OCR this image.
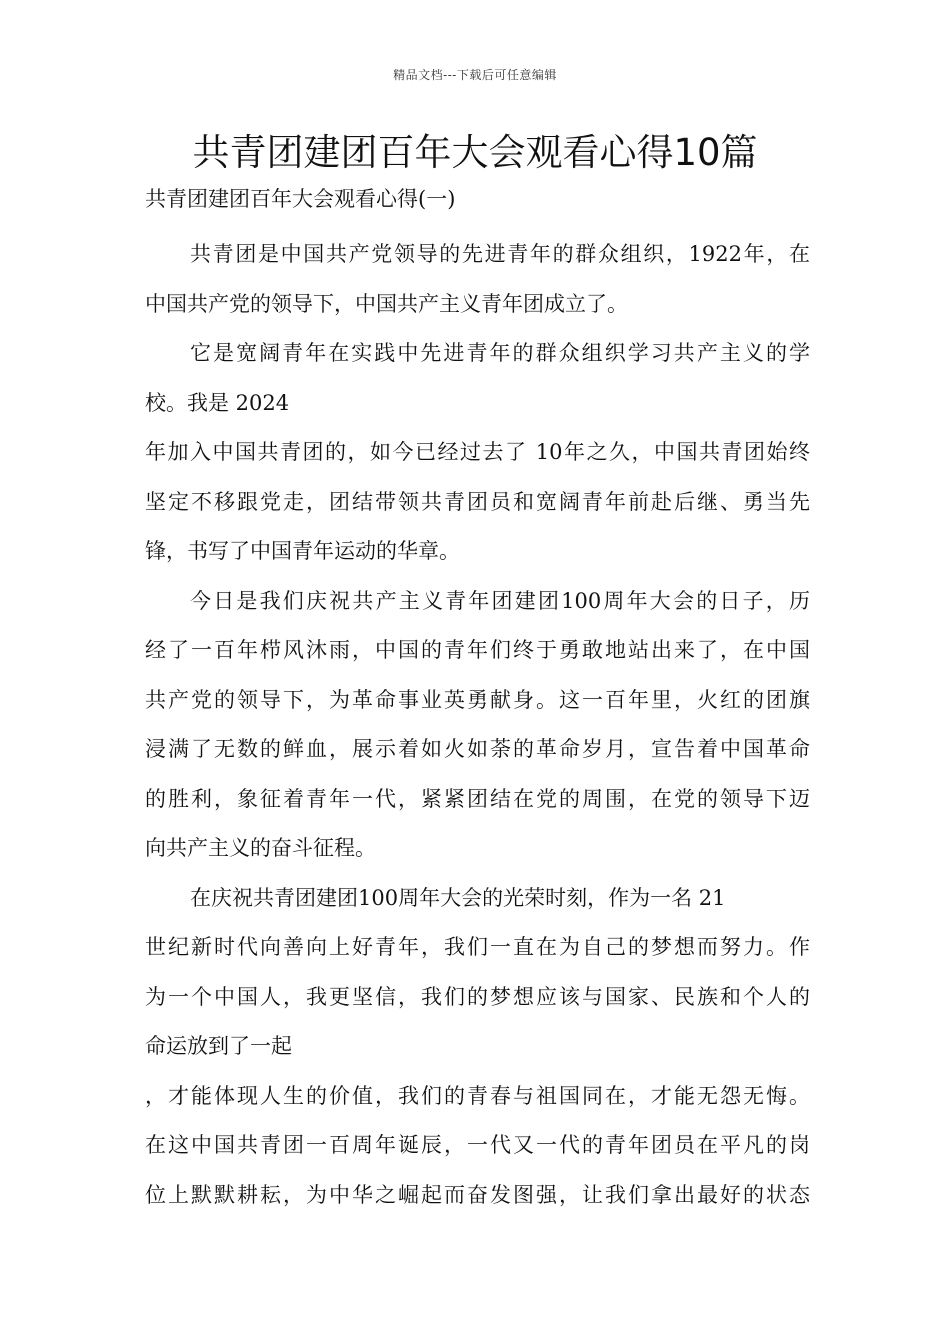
精品文档---下载后可任意编辑
共青团建团百年大会观看心得10篇
共青团建团百年大会观看心得(一)
共青团是中国共产党领导的先进青年的群众组织，1922年，在
中国共产党的领导下，中国共产主义青年团成立了。
它是宽阔青年在实践中先进青年的群众组织学习共产主义的学
校。我是 2024
年加入中国共青团的，如今已经过去了 10年之久，中国共青团始终
坚定不移跟党走，团结带领共青团员和宽阔青年前赴后继、勇当先
锋，书写了中国青年运动的华章。
今日是我们庆祝共产主义青年团建团100周年大会的日子，历
经了一百年栉风沐雨，中国的青年们终于勇敢地站出来了，在中国
共产党的领导下，为革命事业英勇献身。这一百年里，火红的团旗
浸满了无数的鲜血，展示着如火如荼的革命岁月，宣告着中国革命
的胜利，象征着青年一代，紧紧团结在党的周围，在党的领导下迈
向共产主义的奋斗征程。
在庆祝共青团建团100周年大会的光荣时刻，作为一名 21
世纪新时代向善向上好青年，我们一直在为自己的梦想而努力。作
为一个中国人，我更坚信，我们的梦想应该与国家、民族和个人的
命运放到了一起
，才能体现人生的价值，我们的青春与祖国同在，才能无怨无悔。
在这中国共青团一百周年诞辰，一代又一代的青年团员在平凡的岗
位上默默耕耘，为中华之崛起而奋发图强，让我们拿出最好的状态
